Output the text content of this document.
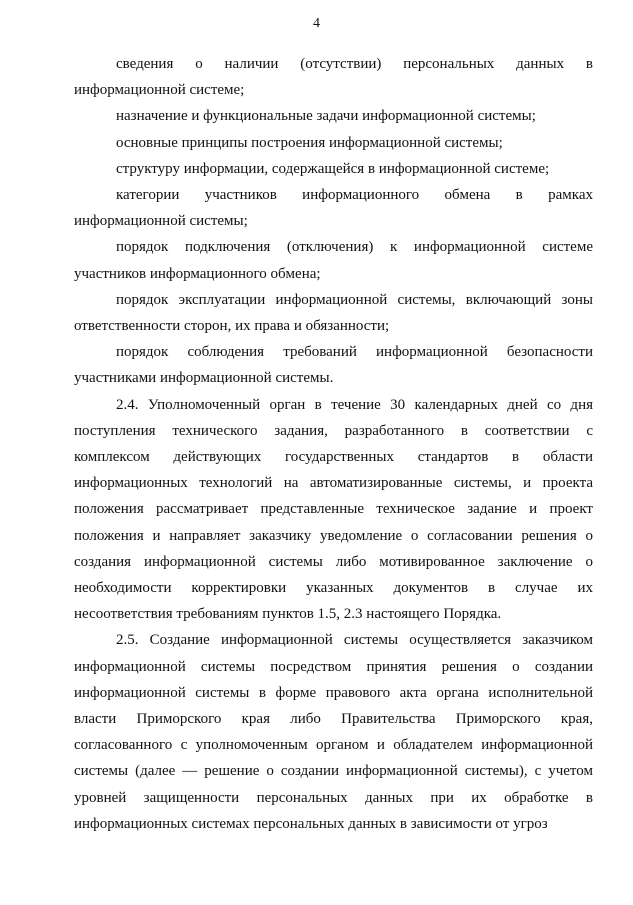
4

сведения о наличии (отсутствии) персональных данных в информационной системе;

назначение и функциональные задачи информационной системы;

основные принципы построения информационной системы;

структуру информации, содержащейся в информационной системе;

категории участников информационного обмена в рамках информационной системы;

порядок подключения (отключения) к информационной системе участников информационного обмена;

порядок эксплуатации информационной системы, включающий зоны ответственности сторон, их права и обязанности;

порядок соблюдения требований информационной безопасности участниками информационной системы.

2.4. Уполномоченный орган в течение 30 календарных дней со дня поступления технического задания, разработанного в соответствии с комплексом действующих государственных стандартов в области информационных технологий на автоматизированные системы, и проекта положения рассматривает представленные техническое задание и проект положения и направляет заказчику уведомление о согласовании решения о создания информационной системы либо мотивированное заключение о необходимости корректировки указанных документов в случае их несоответствия требованиям пунктов 1.5, 2.3 настоящего Порядка.

2.5. Создание информационной системы осуществляется заказчиком информационной системы посредством принятия решения о создании информационной системы в форме правового акта органа исполнительной власти Приморского края либо Правительства Приморского края, согласованного с уполномоченным органом и обладателем информационной системы (далее — решение о создании информационной системы), с учетом уровней защищенности персональных данных при их обработке в информационных системах персональных данных в зависимости от угроз
